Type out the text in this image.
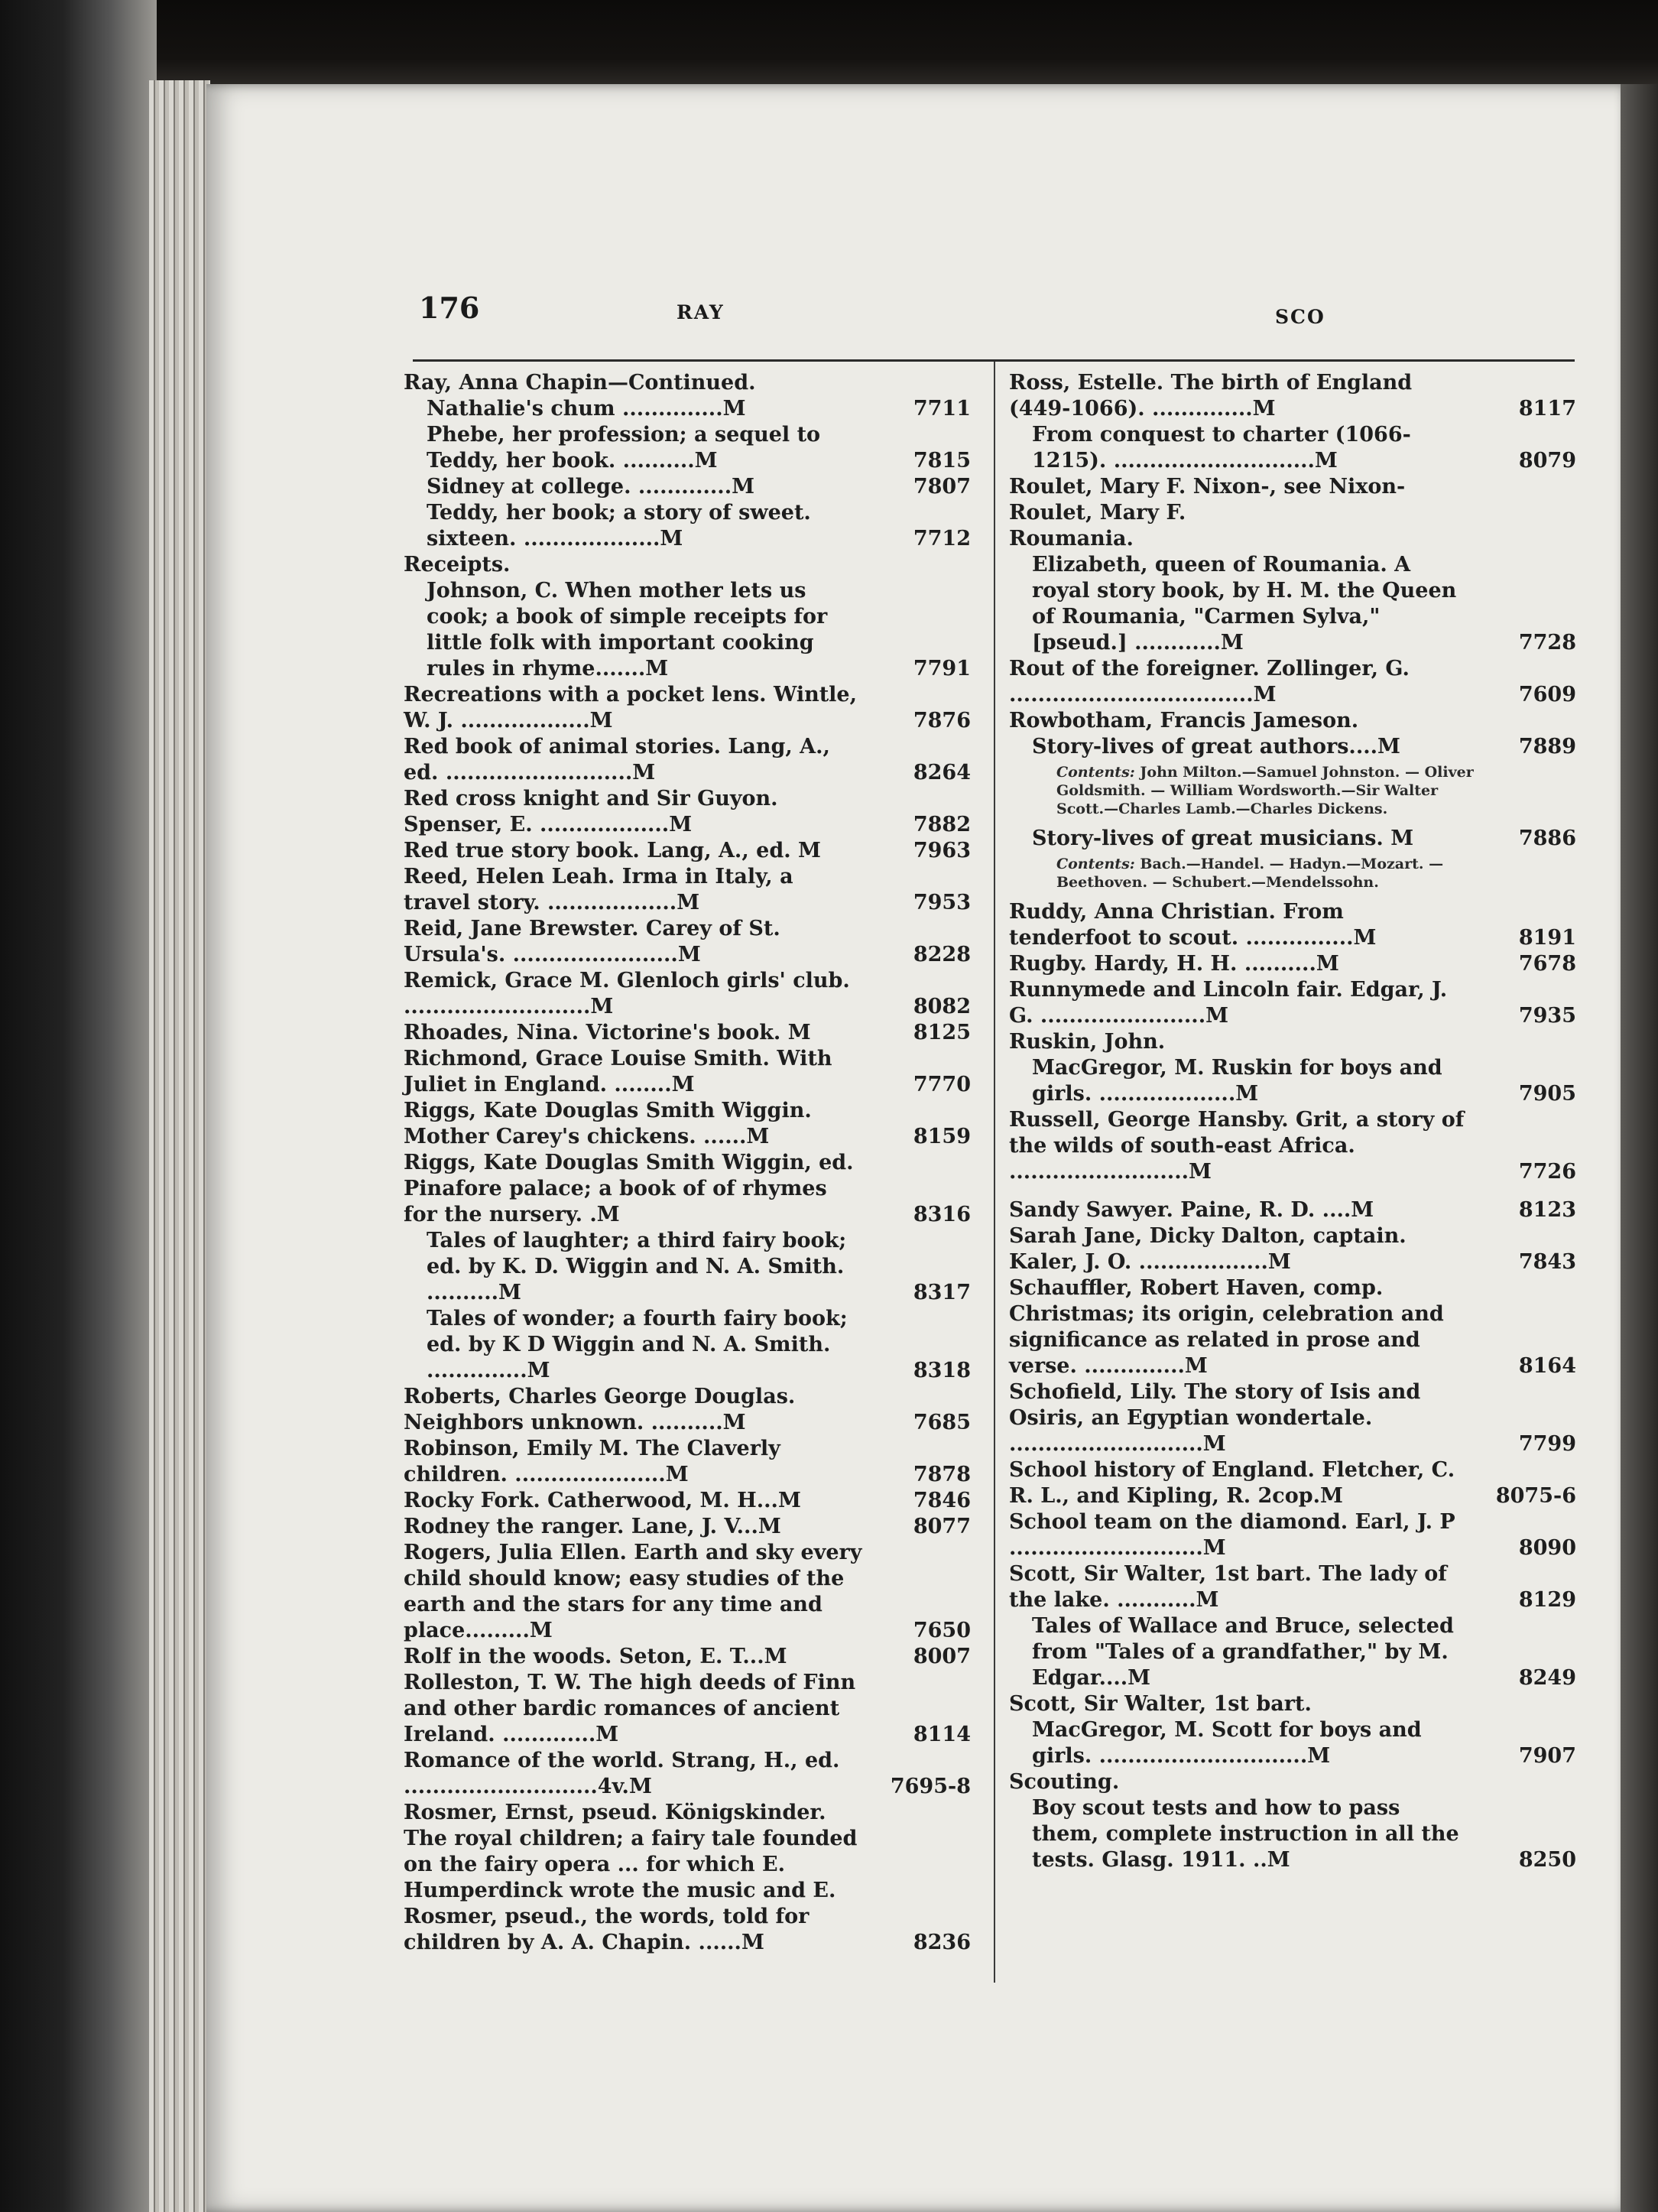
176	RAY	SCO
Ray, Anna Chapin—Continued.
Nathalie's chum ..............M	7711
Phebe, her profession; a sequel to Teddy, her book. ..........M	7815
Sidney at college. .............M	7807
Teddy, her book; a story of sweet. sixteen. ...................M	7712
Receipts.
Johnson, C. When mother lets us cook; a book of simple receipts for little folk with important cooking rules in rhyme.......M	7791
Recreations with a pocket lens. Wintle, W. J. ..................M	7876
Red book of animal stories. Lang, A., ed. ..........................M	8264
Red cross knight and Sir Guyon. Spenser, E. ..................M	7882
Red true story book. Lang, A., ed. M	7963
Reed, Helen Leah. Irma in Italy, a travel story. ..................M	7953
Reid, Jane Brewster. Carey of St. Ursula's. .......................M	8228
Remick, Grace M. Glenloch girls' club. ..........................M	8082
Rhoades, Nina. Victorine's book. M	8125
Richmond, Grace Louise Smith. With Juliet in England. ........M	7770
Riggs, Kate Douglas Smith Wiggin. Mother Carey's chickens. ......M	8159
Riggs, Kate Douglas Smith Wiggin, ed. Pinafore palace; a book of of rhymes for the nursery. .M	8316
Tales of laughter; a third fairy book; ed. by K. D. Wiggin and N. A. Smith. ..........M	8317
Tales of wonder; a fourth fairy book; ed. by K D Wiggin and N. A. Smith. ..............M	8318
Roberts, Charles George Douglas. Neighbors unknown. ..........M	7685
Robinson, Emily M. The Claverly children. .....................M	7878
Rocky Fork. Catherwood, M. H...M	7846
Rodney the ranger. Lane, J. V...M	8077
Rogers, Julia Ellen. Earth and sky every child should know; easy studies of the earth and the stars for any time and place.........M	7650
Rolf in the woods. Seton, E. T...M	8007
Rolleston, T. W. The high deeds of Finn and other bardic romances of ancient Ireland. .............M	8114
Romance of the world. Strang, H., ed. ...........................4v.M	7695-8
Rosmer, Ernst, pseud. Königskinder. The royal children; a fairy tale founded on the fairy opera ... for which E. Humperdinck wrote the music and E. Rosmer, pseud., the words, told for children by A. A. Chapin. ......M	8236
Ross, Estelle. The birth of England (449-1066). ..............M	8117
From conquest to charter (1066-1215). ............................M	8079
Roulet, Mary F. Nixon-, see Nixon-Roulet, Mary F.
Roumania.
Elizabeth, queen of Roumania. A royal story book, by H. M. the Queen of Roumania, "Carmen Sylva," [pseud.] ............M	7728
Rout of the foreigner. Zollinger, G. ..................................M	7609
Rowbotham, Francis Jameson.
Story-lives of great authors....M	7889
Contents: John Milton.—Samuel Johnston. — Oliver Goldsmith. — William Wordsworth.—Sir Walter Scott.—Charles Lamb.—Charles Dickens.
Story-lives of great musicians. M	7886
Contents: Bach.—Handel. — Hadyn.—Mozart. — Beethoven. — Schubert.—Mendelssohn.
Ruddy, Anna Christian. From tenderfoot to scout. ...............M	8191
Rugby. Hardy, H. H. ..........M	7678
Runnymede and Lincoln fair. Edgar, J. G. .......................M	7935
Ruskin, John.
MacGregor, M. Ruskin for boys and girls. ...................M	7905
Russell, George Hansby. Grit, a story of the wilds of south-east Africa. .........................M	7726
Sandy Sawyer. Paine, R. D. ....M	8123
Sarah Jane, Dicky Dalton, captain. Kaler, J. O. ..................M	7843
Schauffler, Robert Haven, comp. Christmas; its origin, celebration and significance as related in prose and verse. ..............M	8164
Schofield, Lily. The story of Isis and Osiris, an Egyptian wondertale. ...........................M	7799
School history of England. Fletcher, C. R. L., and Kipling, R. 2cop.M	8075-6
School team on the diamond. Earl, J. P ...........................M	8090
Scott, Sir Walter, 1st bart. The lady of the lake. ...........M	8129
Tales of Wallace and Bruce, selected from "Tales of a grandfather," by M. Edgar....M	8249
Scott, Sir Walter, 1st bart.
MacGregor, M. Scott for boys and girls. .............................M	7907
Scouting.
Boy scout tests and how to pass them, complete instruction in all the tests. Glasg. 1911. ..M	8250
